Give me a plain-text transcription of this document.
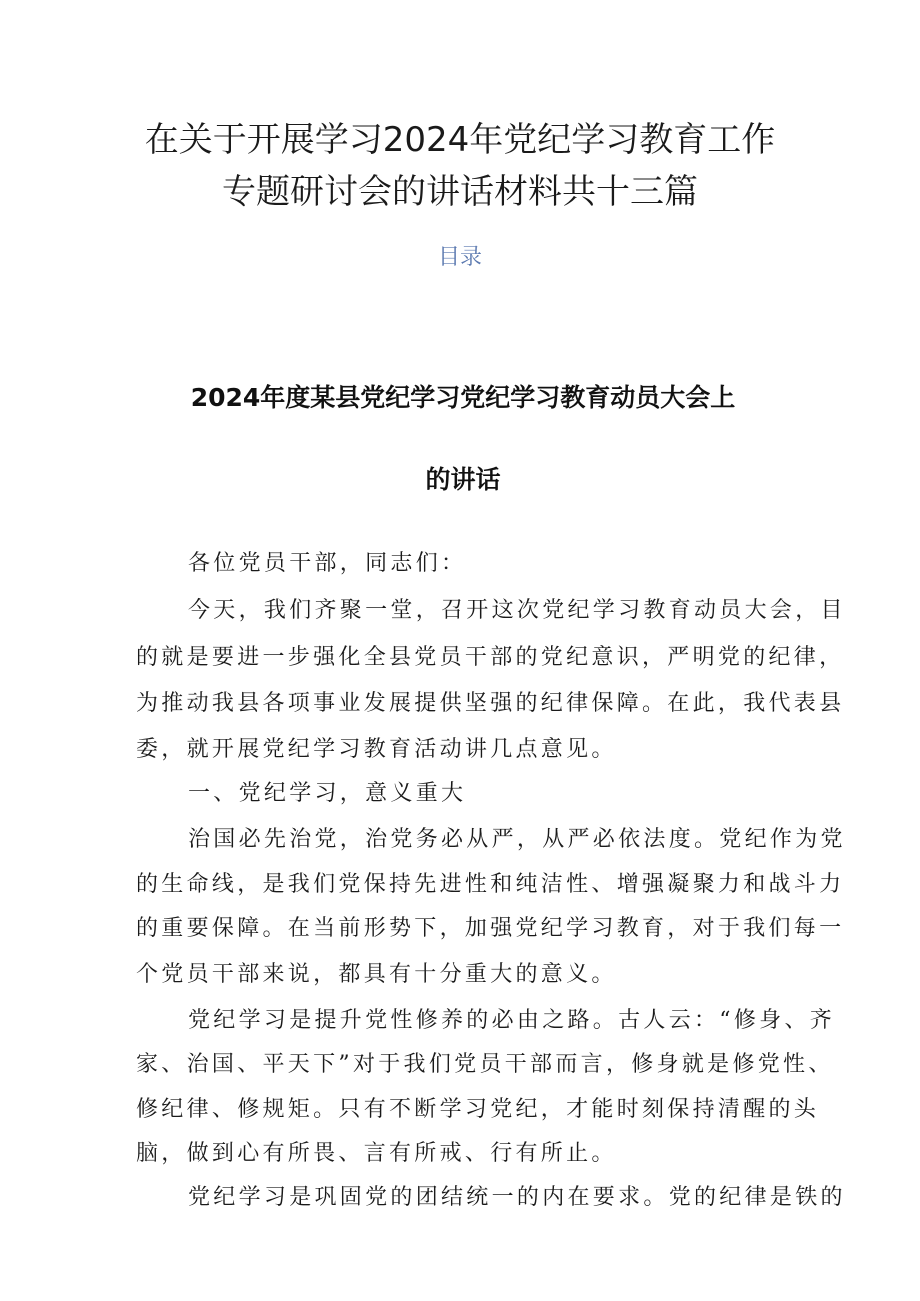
在关于开展学习2024年党纪学习教育工作
专题研讨会的讲话材料共十三篇
目录
2024年度某县党纪学习党纪学习教育动员大会上
的讲话

各位党员干部，同志们：

今天，我们齐聚一堂，召开这次党纪学习教育动员大会，目

的就是要进一步强化全县党员干部的党纪意识，严明党的纪律，

为推动我县各项事业发展提供坚强的纪律保障。在此，我代表县

委，就开展党纪学习教育活动讲几点意见。

一、党纪学习，意义重大

治国必先治党，治党务必从严，从严必依法度。党纪作为党

的生命线，是我们党保持先进性和纯洁性、增强凝聚力和战斗力

的重要保障。在当前形势下，加强党纪学习教育，对于我们每一

个党员干部来说，都具有十分重大的意义。

党纪学习是提升党性修养的必由之路。古人云：“修身、齐

家、治国、平天下”对于我们党员干部而言，修身就是修党性、

修纪律、修规矩。只有不断学习党纪，才能时刻保持清醒的头

脑，做到心有所畏、言有所戒、行有所止。

党纪学习是巩固党的团结统一的内在要求。党的纪律是铁的
